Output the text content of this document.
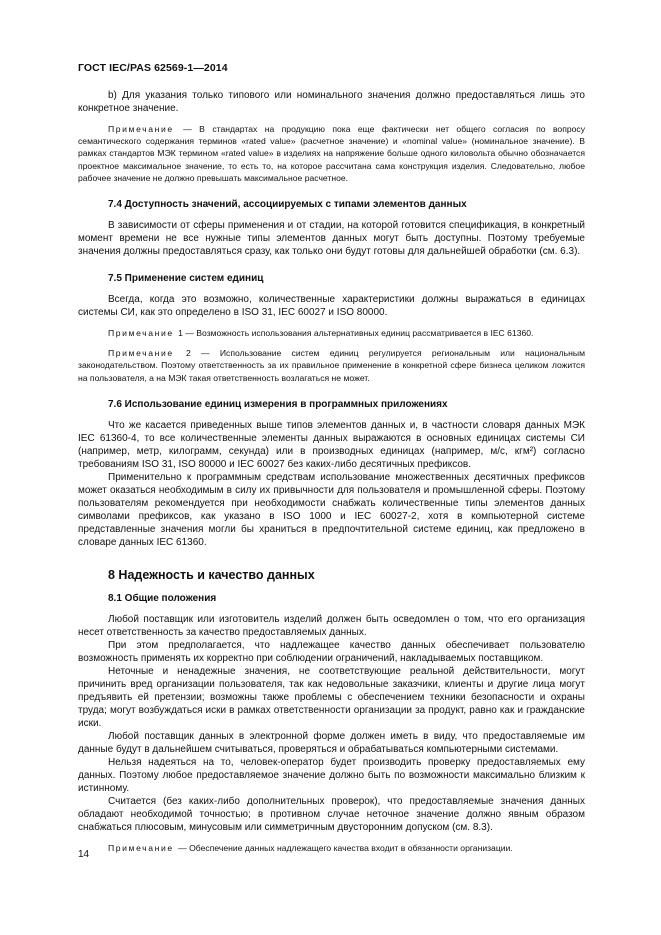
ГОСТ IEC/PAS 62569-1—2014

b) Для указания только типового или номинального значения должно предоставляться лишь это конкретное значение.

Примечание — В стандартах на продукцию пока еще фактически нет общего согласия по вопросу семантического содержания терминов «rated value» (расчетное значение) и «nominal value» (номинальное значение). В рамках стандартов МЭК термином «rated value» в изделиях на напряжение больше одного киловольта обычно обозначается проектное максимальное значение, то есть то, на которое рассчитана сама конструкция изделия. Следовательно, любое рабочее значение не должно превышать максимальное расчетное.

7.4 Доступность значений, ассоциируемых с типами элементов данных

В зависимости от сферы применения и от стадии, на которой готовится спецификация, в конкретный момент времени не все нужные типы элементов данных могут быть доступны. Поэтому требуемые значения должны предоставляться сразу, как только они будут готовы для дальнейшей обработки (см. 6.3).

7.5 Применение систем единиц

Всегда, когда это возможно, количественные характеристики должны выражаться в единицах системы СИ, как это определено в ISO 31, IEC 60027 и ISO 80000.

Примечание 1 — Возможность использования альтернативных единиц рассматривается в IEC 61360.

Примечание 2 — Использование систем единиц регулируется региональным или национальным законодательством. Поэтому ответственность за их правильное применение в конкретной сфере бизнеса целиком ложится на пользователя, а на МЭК такая ответственность возлагаться не может.

7.6 Использование единиц измерения в программных приложениях

Что же касается приведенных выше типов элементов данных и, в частности словаря данных МЭК IEC 61360-4, то все количественные элементы данных выражаются в основных единицах системы СИ (например, метр, килограмм, секунда) или в производных единицах (например, м/с, кгм²) согласно требованиям ISO 31, ISO 80000 и IEC 60027 без каких-либо десятичных префиксов.

Применительно к программным средствам использование множественных десятичных префиксов может оказаться необходимым в силу их привычности для пользователя и промышленной сферы. Поэтому пользователям рекомендуется при необходимости снабжать количественные типы элементов данных символами префиксов, как указано в ISO 1000 и IEC 60027-2, хотя в компьютерной системе представленные значения могли бы храниться в предпочтительной системе единиц, как предложено в словаре данных IEC 61360.

8 Надежность и качество данных
8.1 Общие положения

Любой поставщик или изготовитель изделий должен быть осведомлен о том, что его организация несет ответственность за качество предоставляемых данных.

При этом предполагается, что надлежащее качество данных обеспечивает пользователю возможность применять их корректно при соблюдении ограничений, накладываемых поставщиком.

Неточные и ненадежные значения, не соответствующие реальной действительности, могут причинить вред организации пользователя, так как недовольные заказчики, клиенты и другие лица могут предъявить ей претензии; возможны также проблемы с обеспечением техники безопасности и охраны труда; могут возбуждаться иски в рамках ответственности организации за продукт, равно как и гражданские иски.

Любой поставщик данных в электронной форме должен иметь в виду, что предоставляемые им данные будут в дальнейшем считываться, проверяться и обрабатываться компьютерными системами.

Нельзя надеяться на то, человек-оператор будет производить проверку предоставляемых ему данных. Поэтому любое предоставляемое значение должно быть по возможности максимально близким к истинному.

Считается (без каких-либо дополнительных проверок), что предоставляемые значения данных обладают необходимой точностью; в противном случае неточное значение должно явным образом снабжаться плюсовым, минусовым или симметричным двусторонним допуском (см. 8.3).

Примечание — Обеспечение данных надлежащего качества входит в обязанности организации.

14
